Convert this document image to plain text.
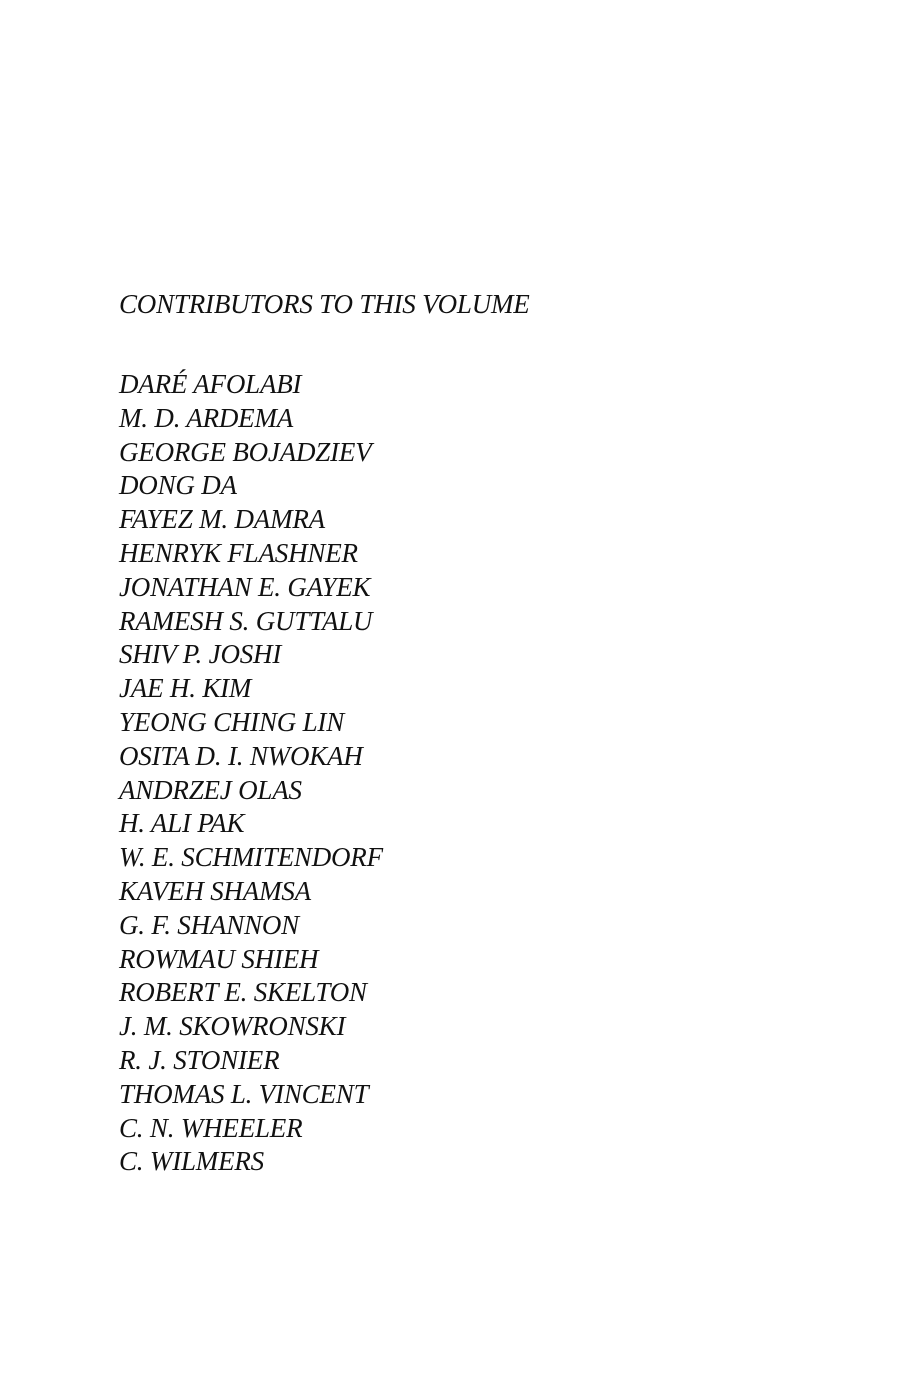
CONTRIBUTORS TO THIS VOLUME
DARÉ AFOLABI
M. D. ARDEMA
GEORGE BOJADZIEV
DONG DA
FAYEZ M. DAMRA
HENRYK FLASHNER
JONATHAN E. GAYEK
RAMESH S. GUTTALU
SHIV P. JOSHI
JAE H. KIM
YEONG CHING LIN
OSITA D. I. NWOKAH
ANDRZEJ OLAS
H. ALI PAK
W. E. SCHMITENDORF
KAVEH SHAMSA
G. F. SHANNON
ROWMAU SHIEH
ROBERT E. SKELTON
J. M. SKOWRONSKI
R. J. STONIER
THOMAS L. VINCENT
C. N. WHEELER
C. WILMERS
